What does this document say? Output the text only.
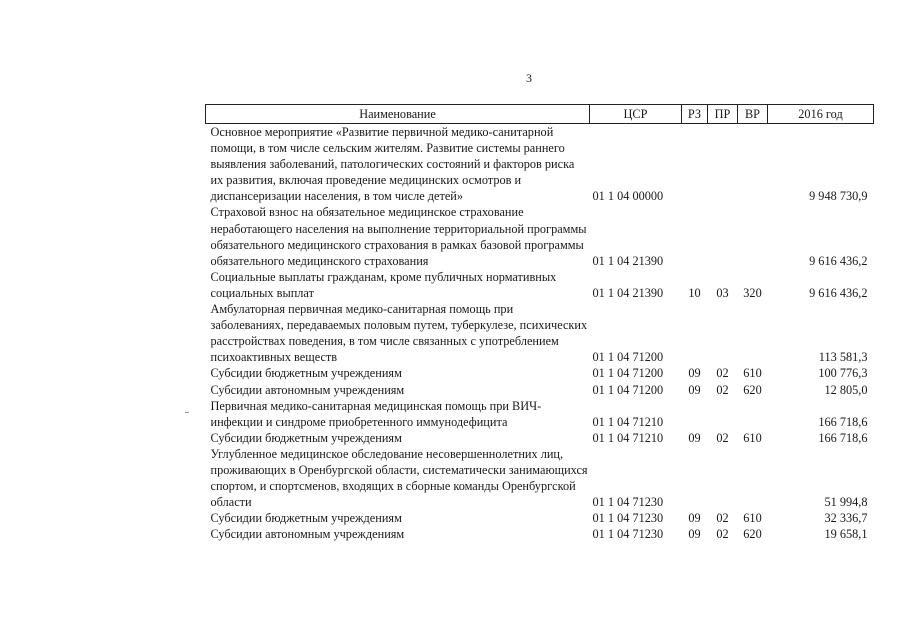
3
Наименование	ЦСР	РЗ	ПР	ВР	2016 год
Основное мероприятие «Развитие первичной медико-санитарной помощи, в том числе сельским жителям. Развитие системы раннего выявления заболеваний, патологических состояний и факторов риска их развития, включая проведение медицинских осмотров и диспансеризации населения, в том числе детей»	01 1 04 00000				9 948 730,9
Страховой взнос на обязательное медицинское страхование неработающего населения на выполнение территориальной программы обязательного медицинского страхования в рамках базовой программы обязательного медицинского страхования	01 1 04 21390				9 616 436,2
Социальные выплаты гражданам, кроме публичных нормативных социальных выплат	01 1 04 21390	10	03	320	9 616 436,2
Амбулаторная первичная медико-санитарная помощь при заболеваниях, передаваемых половым путем, туберкулезе, психических расстройствах поведения, в том числе связанных с употреблением психоактивных веществ	01 1 04 71200				113 581,3
Субсидии бюджетным учреждениям	01 1 04 71200	09	02	610	100 776,3
Субсидии автономным учреждениям	01 1 04 71200	09	02	620	12 805,0
Первичная медико-санитарная медицинская помощь при ВИЧ-инфекции и синдроме приобретенного иммунодефицита	01 1 04 71210				166 718,6
Субсидии бюджетным учреждениям	01 1 04 71210	09	02	610	166 718,6
Углубленное медицинское обследование несовершеннолетних лиц, проживающих в Оренбургской области, систематически занимающихся спортом, и спортсменов, входящих в сборные команды Оренбургской области	01 1 04 71230				51 994,8
Субсидии бюджетным учреждениям	01 1 04 71230	09	02	610	32 336,7
Субсидии автономным учреждениям	01 1 04 71230	09	02	620	19 658,1
